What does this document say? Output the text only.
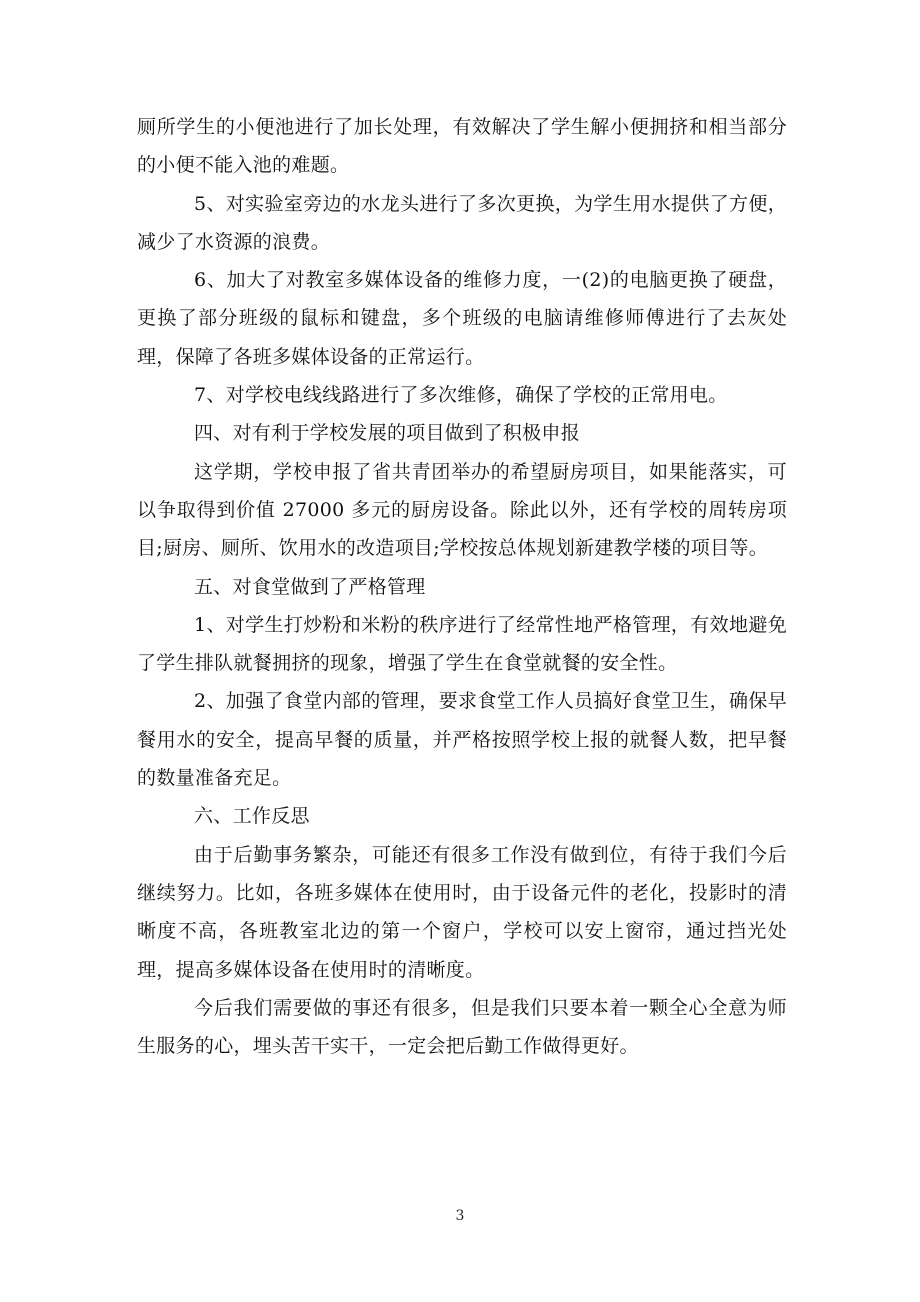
厕所学生的小便池进行了加长处理，有效解决了学生解小便拥挤和相当部分的小便不能入池的难题。

5、对实验室旁边的水龙头进行了多次更换，为学生用水提供了方便，减少了水资源的浪费。

6、加大了对教室多媒体设备的维修力度，一(2)的电脑更换了硬盘，更换了部分班级的鼠标和键盘，多个班级的电脑请维修师傅进行了去灰处理，保障了各班多媒体设备的正常运行。

7、对学校电线线路进行了多次维修，确保了学校的正常用电。

四、对有利于学校发展的项目做到了积极申报

这学期，学校申报了省共青团举办的希望厨房项目，如果能落实，可以争取得到价值 27000 多元的厨房设备。除此以外，还有学校的周转房项目;厨房、厕所、饮用水的改造项目;学校按总体规划新建教学楼的项目等。

五、对食堂做到了严格管理

1、对学生打炒粉和米粉的秩序进行了经常性地严格管理，有效地避免了学生排队就餐拥挤的现象，增强了学生在食堂就餐的安全性。

2、加强了食堂内部的管理，要求食堂工作人员搞好食堂卫生，确保早餐用水的安全，提高早餐的质量，并严格按照学校上报的就餐人数，把早餐的数量准备充足。

六、工作反思

由于后勤事务繁杂，可能还有很多工作没有做到位，有待于我们今后继续努力。比如，各班多媒体在使用时，由于设备元件的老化，投影时的清晰度不高，各班教室北边的第一个窗户，学校可以安上窗帘，通过挡光处理，提高多媒体设备在使用时的清晰度。

今后我们需要做的事还有很多，但是我们只要本着一颗全心全意为师生服务的心，埋头苦干实干，一定会把后勤工作做得更好。

3
